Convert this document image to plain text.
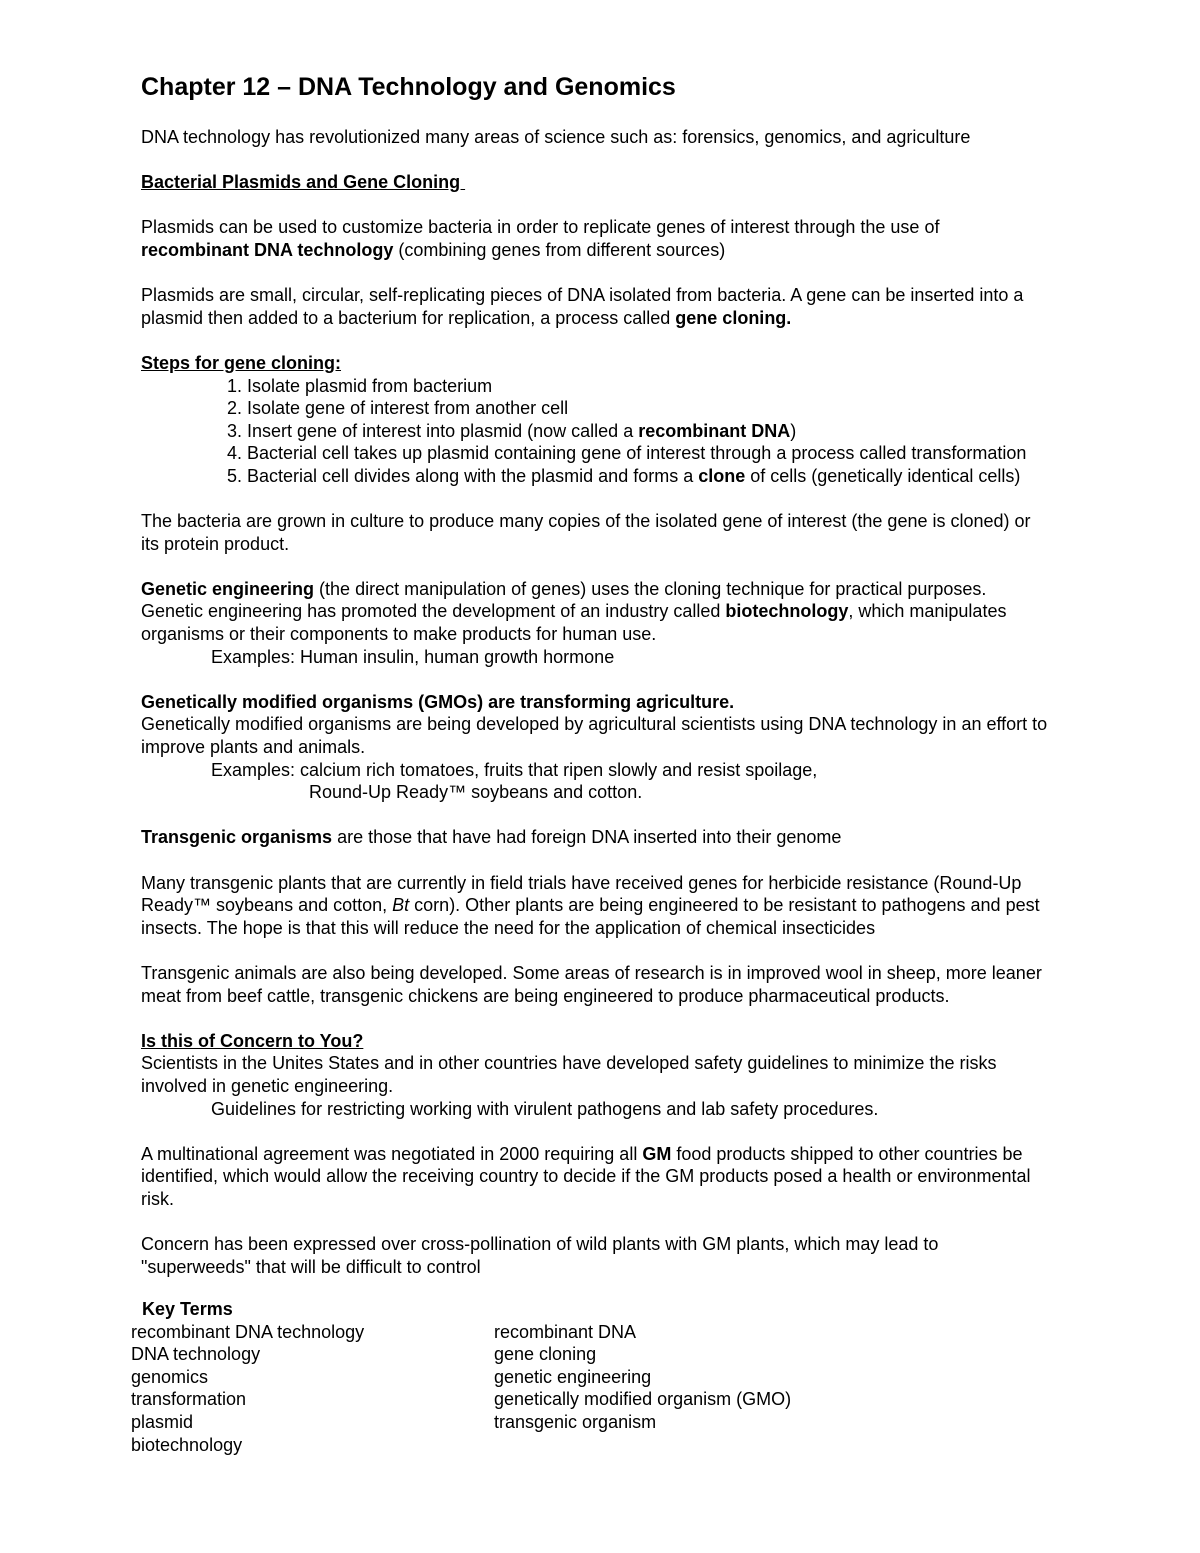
Chapter 12 – DNA Technology and Genomics

DNA technology has revolutionized many areas of science such as: forensics, genomics, and agriculture

Bacterial Plasmids and Gene Cloning

Plasmids can be used to customize bacteria in order to replicate genes of interest through the use of
recombinant DNA technology (combining genes from different sources)

Plasmids are small, circular, self-replicating pieces of DNA isolated from bacteria. A gene can be inserted into a
plasmid then added to a bacterium for replication, a process called gene cloning.

Steps for gene cloning:

1. Isolate plasmid from bacterium
2. Isolate gene of interest from another cell
3. Insert gene of interest into plasmid (now called a recombinant DNA)
4. Bacterial cell takes up plasmid containing gene of interest through a process called transformation
5. Bacterial cell divides along with the plasmid and forms a clone of cells (genetically identical cells)

The bacteria are grown in culture to produce many copies of the isolated gene of interest (the gene is cloned) or
its protein product.

Genetic engineering (the direct manipulation of genes) uses the cloning technique for practical purposes.
Genetic engineering has promoted the development of an industry called biotechnology, which manipulates
organisms or their components to make products for human use.

Examples: Human insulin, human growth hormone

Genetically modified organisms (GMOs) are transforming agriculture.

Genetically modified organisms are being developed by agricultural scientists using DNA technology in an effort to
improve plants and animals.

Examples: calcium rich tomatoes, fruits that ripen slowly and resist spoilage,

Round-Up Ready™ soybeans and cotton.

Transgenic organisms are those that have had foreign DNA inserted into their genome

Many transgenic plants that are currently in field trials have received genes for herbicide resistance (Round-Up
Ready™ soybeans and cotton, Bt corn). Other plants are being engineered to be resistant to pathogens and pest
insects. The hope is that this will reduce the need for the application of chemical insecticides

Transgenic animals are also being developed. Some areas of research is in improved wool in sheep, more leaner
meat from beef cattle, transgenic chickens are being engineered to produce pharmaceutical products.

Is this of Concern to You?

Scientists in the Unites States and in other countries have developed safety guidelines to minimize the risks
involved in genetic engineering.

Guidelines for restricting working with virulent pathogens and lab safety procedures.

A multinational agreement was negotiated in 2000 requiring all GM food products shipped to other countries be
identified, which would allow the receiving country to decide if the GM products posed a health or environmental
risk.

Concern has been expressed over cross-pollination of wild plants with GM plants, which may lead to
"superweeds" that will be difficult to control

Key Terms
recombinant DNA technology
DNA technology
genomics
transformation
plasmid
biotechnology
recombinant DNA
gene cloning
genetic engineering
genetically modified organism (GMO)
transgenic organism
